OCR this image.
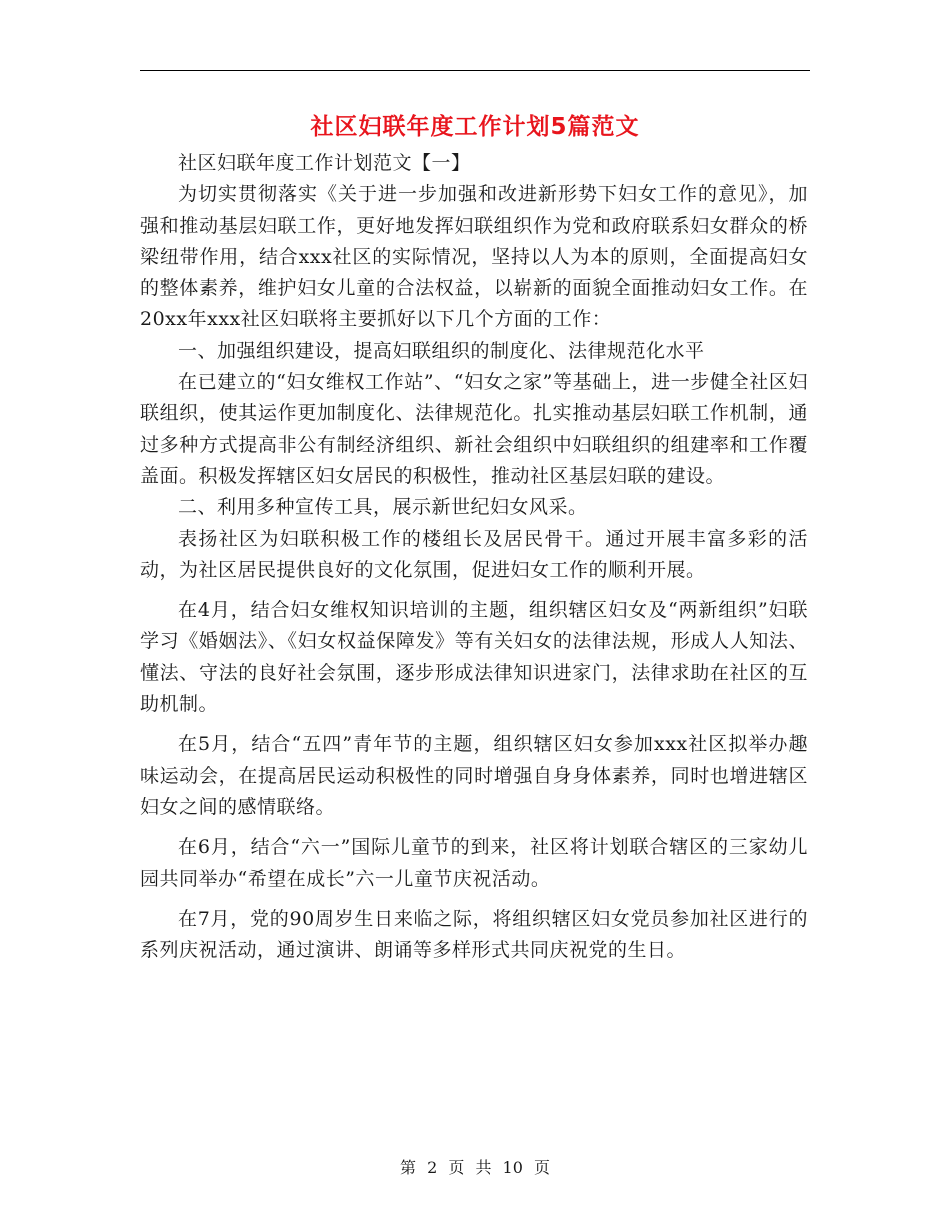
社区妇联年度工作计划5篇范文

社区妇联年度工作计划范文【一】

为切实贯彻落实《关于进一步加强和改进新形势下妇女工作的意见》，加强和推动基层妇联工作，更好地发挥妇联组织作为党和政府联系妇女群众的桥梁纽带作用，结合xxx社区的实际情况，坚持以人为本的原则，全面提高妇女的整体素养，维护妇女儿童的合法权益，以崭新的面貌全面推动妇女工作。在20xx年xxx社区妇联将主要抓好以下几个方面的工作：

一、加强组织建设，提高妇联组织的制度化、法律规范化水平

在已建立的“妇女维权工作站”、“妇女之家”等基础上，进一步健全社区妇联组织，使其运作更加制度化、法律规范化。扎实推动基层妇联工作机制，通过多种方式提高非公有制经济组织、新社会组织中妇联组织的组建率和工作覆盖面。积极发挥辖区妇女居民的积极性，推动社区基层妇联的建设。

二、利用多种宣传工具，展示新世纪妇女风采。

表扬社区为妇联积极工作的楼组长及居民骨干。通过开展丰富多彩的活动，为社区居民提供良好的文化氛围，促进妇女工作的顺利开展。

在4月，结合妇女维权知识培训的主题，组织辖区妇女及“两新组织”妇联学习《婚姻法》、《妇女权益保障发》等有关妇女的法律法规，形成人人知法、懂法、守法的良好社会氛围，逐步形成法律知识进家门，法律求助在社区的互助机制。

在5月，结合“五四”青年节的主题，组织辖区妇女参加xxx社区拟举办趣味运动会，在提高居民运动积极性的同时增强自身身体素养，同时也增进辖区妇女之间的感情联络。

在6月，结合“六一”国际儿童节的到来，社区将计划联合辖区的三家幼儿园共同举办“希望在成长”六一儿童节庆祝活动。

在7月，党的90周岁生日来临之际，将组织辖区妇女党员参加社区进行的系列庆祝活动，通过演讲、朗诵等多样形式共同庆祝党的生日。

第 2 页 共 10 页
